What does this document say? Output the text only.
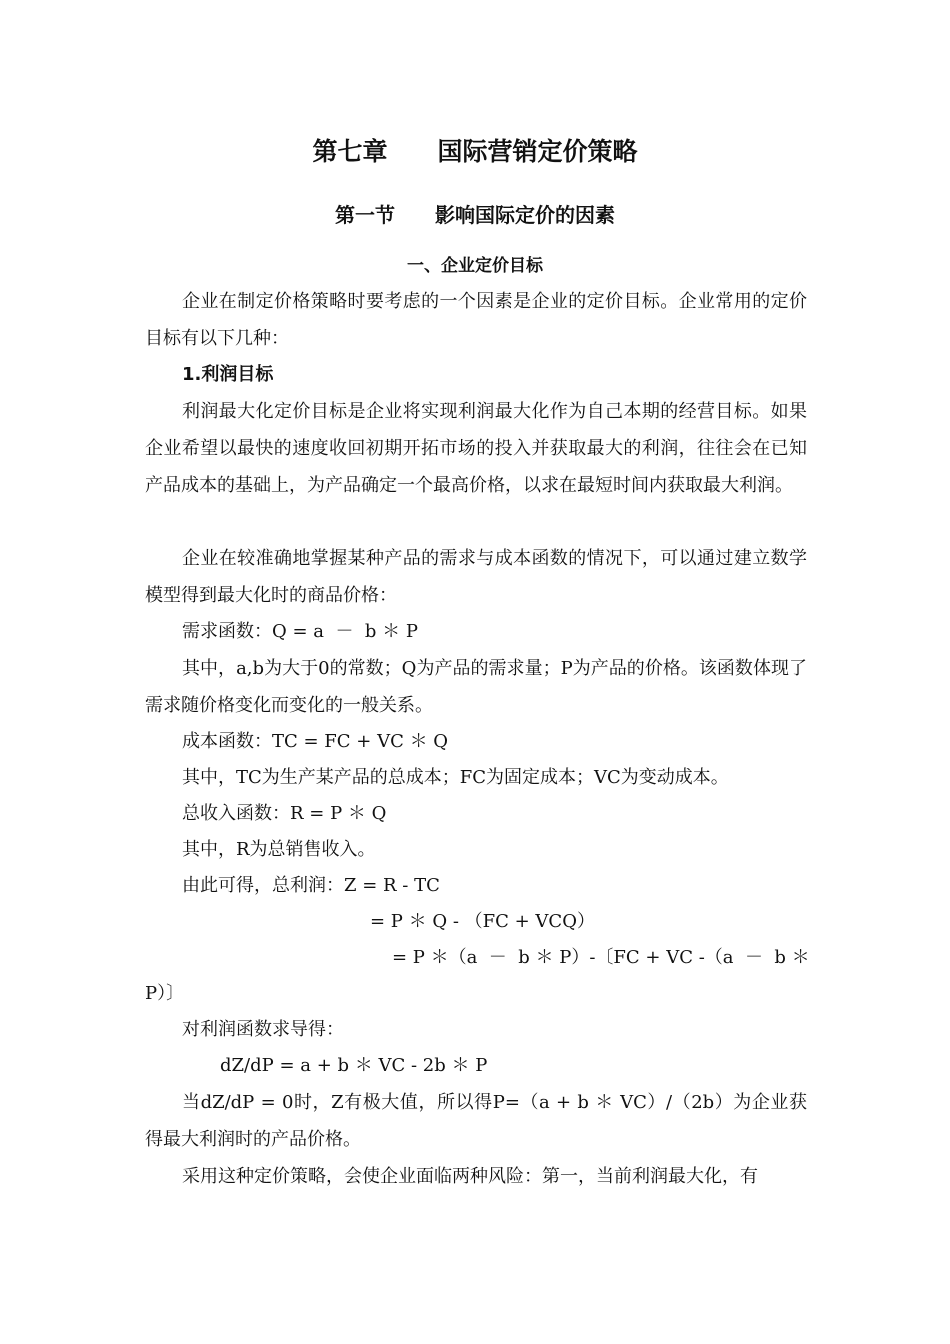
第七章　　国际营销定价策略
第一节　　影响国际定价的因素
一、企业定价目标
企业在制定价格策略时要考虑的一个因素是企业的定价目标。企业常用的定价目标有以下几种：
1.利润目标
利润最大化定价目标是企业将实现利润最大化作为自己本期的经营目标。如果企业希望以最快的速度收回初期开拓市场的投入并获取最大的利润，往往会在已知产品成本的基础上，为产品确定一个最高价格，以求在最短时间内获取最大利润。
企业在较准确地掌握某种产品的需求与成本函数的情况下，可以通过建立数学模型得到最大化时的商品价格：
需求函数：Q = a  －  b ＊ P
其中，a,b为大于0的常数；Q为产品的需求量；P为产品的价格。该函数体现了需求随价格变化而变化的一般关系。
成本函数：TC = FC + VC ＊ Q
其中，TC为生产某产品的总成本；FC为固定成本；VC为变动成本。
总收入函数：R = P ＊ Q
其中，R为总销售收入。
由此可得，总利润：Z = R - TC
= P ＊ Q - （FC + VCQ）
= P ＊（a  －  b ＊ P）-〔FC + VC -（a  －  b ＊
P）〕
对利润函数求导得：
dZ/dP = a + b ＊ VC - 2b ＊ P
当dZ/dP = 0时，Z有极大值，所以得P=（a + b ＊ VC）/（2b）为企业获得最大利润时的产品价格。
采用这种定价策略，会使企业面临两种风险：第一，当前利润最大化，有
